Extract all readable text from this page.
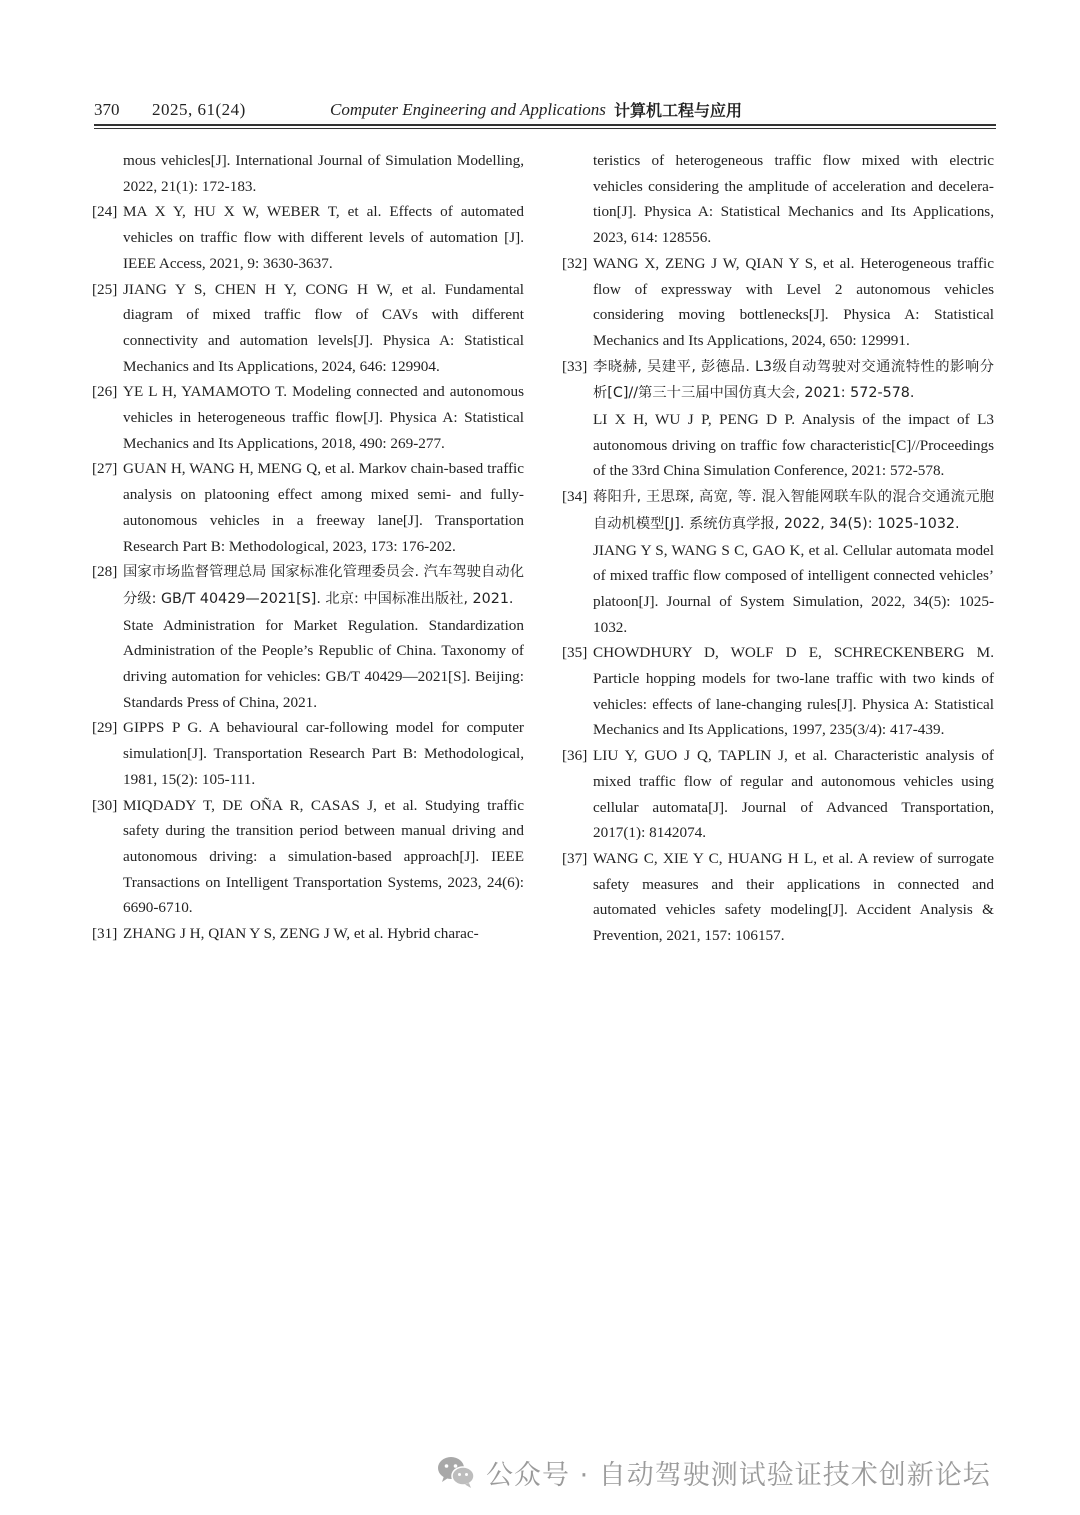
370 2025, 61(24)	Computer Engineering and Applications 计算机工程与应用
mous vehicles[J]. International Journal of Simulation Modelling, 2022, 21(1): 172-183.
[24] MA X Y, HU X W, WEBER T, et al. Effects of automated vehicles on traffic flow with different levels of automation [J]. IEEE Access, 2021, 9: 3630-3637.
[25] JIANG Y S, CHEN H Y, CONG H W, et al. Fundamental diagram of mixed traffic flow of CAVs with different connectivity and automation levels[J]. Physica A: Statistical Mechanics and Its Applications, 2024, 646: 129904.
[26] YE L H, YAMAMOTO T. Modeling connected and autonomous vehicles in heterogeneous traffic flow[J]. Physica A: Statistical Mechanics and Its Applications, 2018, 490: 269-277.
[27] GUAN H, WANG H, MENG Q, et al. Markov chain-based traffic analysis on platooning effect among mixed semi- and fully-autonomous vehicles in a freeway lane[J]. Transportation Research Part B: Methodological, 2023, 173: 176-202.
[28] 国家市场监督管理总局 国家标准化管理委员会. 汽车驾驶自动化分级: GB/T 40429—2021[S]. 北京: 中国标准出版社, 2021.
State Administration for Market Regulation. Standardization Administration of the People’s Republic of China. Taxonomy of driving automation for vehicles: GB/T 40429—2021[S]. Beijing: Standards Press of China, 2021.
[29] GIPPS P G. A behavioural car-following model for computer simulation[J]. Transportation Research Part B: Methodological, 1981, 15(2): 105-111.
[30] MIQDADY T, DE OÑA R, CASAS J, et al. Studying traffic safety during the transition period between manual driving and autonomous driving: a simulation-based approach[J]. IEEE Transactions on Intelligent Transportation Systems, 2023, 24(6): 6690-6710.
[31] ZHANG J H, QIAN Y S, ZENG J W, et al. Hybrid charac-
teristics of heterogeneous traffic flow mixed with electric vehicles considering the amplitude of acceleration and decelera-tion[J]. Physica A: Statistical Mechanics and Its Applications, 2023, 614: 128556.
[32] WANG X, ZENG J W, QIAN Y S, et al. Heterogeneous traffic flow of expressway with Level 2 autonomous vehicles considering moving bottlenecks[J]. Physica A: Statistical Mechanics and Its Applications, 2024, 650: 129991.
[33] 李晓赫, 吴建平, 彭德品. L3级自动驾驶对交通流特性的影响分析[C]//第三十三届中国仿真大会, 2021: 572-578.
LI X H, WU J P, PENG D P. Analysis of the impact of L3 autonomous driving on traffic fow characteristic[C]//Proceedings of the 33rd China Simulation Conference, 2021: 572-578.
[34] 蒋阳升, 王思琛, 高宽, 等. 混入智能网联车队的混合交通流元胞自动机模型[J]. 系统仿真学报, 2022, 34(5): 1025-1032.
JIANG Y S, WANG S C, GAO K, et al. Cellular automata model of mixed traffic flow composed of intelligent connected vehicles’ platoon[J]. Journal of System Simulation, 2022, 34(5): 1025-1032.
[35] CHOWDHURY D, WOLF D E, SCHRECKENBERG M. Particle hopping models for two-lane traffic with two kinds of vehicles: effects of lane-changing rules[J]. Physica A: Statistical Mechanics and Its Applications, 1997, 235(3/4): 417-439.
[36] LIU Y, GUO J Q, TAPLIN J, et al. Characteristic analysis of mixed traffic flow of regular and autonomous vehicles using cellular automata[J]. Journal of Advanced Transportation, 2017(1): 8142074.
[37] WANG C, XIE Y C, HUANG H L, et al. A review of surrogate safety measures and their applications in connected and automated vehicles safety modeling[J]. Accident Analysis & Prevention, 2021, 157: 106157.
公众号 · 自动驾驶测试验证技术创新论坛
